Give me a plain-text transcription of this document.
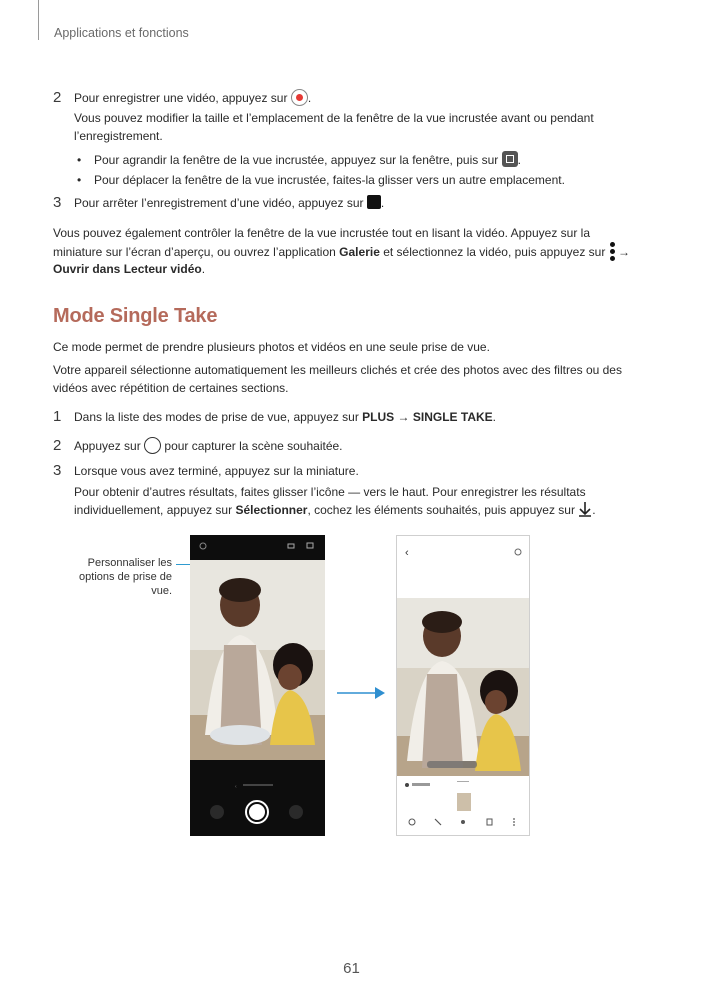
Applications et fonctions
2 Pour enregistrer une vidéo, appuyez sur .
Vous pouvez modifier la taille et l’emplacement de la fenêtre de la vue incrustée avant ou pendant
l’enregistrement.
• Pour agrandir la fenêtre de la vue incrustée, appuyez sur la fenêtre, puis sur .
• Pour déplacer la fenêtre de la vue incrustée, faites-la glisser vers un autre emplacement.
3 Pour arrêter l’enregistrement d’une vidéo, appuyez sur .
Vous pouvez également contrôler la fenêtre de la vue incrustée tout en lisant la vidéo. Appuyez sur la
miniature sur l’écran d’aperçu, ou ouvrez l’application Galerie et sélectionnez la vidéo, puis appuyez sur →
Ouvrir dans Lecteur vidéo.
Mode Single Take
Ce mode permet de prendre plusieurs photos et vidéos en une seule prise de vue.
Votre appareil sélectionne automatiquement les meilleurs clichés et crée des photos avec des filtres ou des
vidéos avec répétition de certaines sections.
1 Dans la liste des modes de prise de vue, appuyez sur PLUS → SINGLE TAKE.
2 Appuyez sur pour capturer la scène souhaitée.
3 Lorsque vous avez terminé, appuyez sur la miniature.
Pour obtenir d’autres résultats, faites glisser l’icône — vers le haut. Pour enregistrer les résultats
individuellement, appuyez sur Sélectionner, cochez les éléments souhaités, puis appuyez sur .
Personnaliser les
options de prise de
vue.
‹
‹
61
